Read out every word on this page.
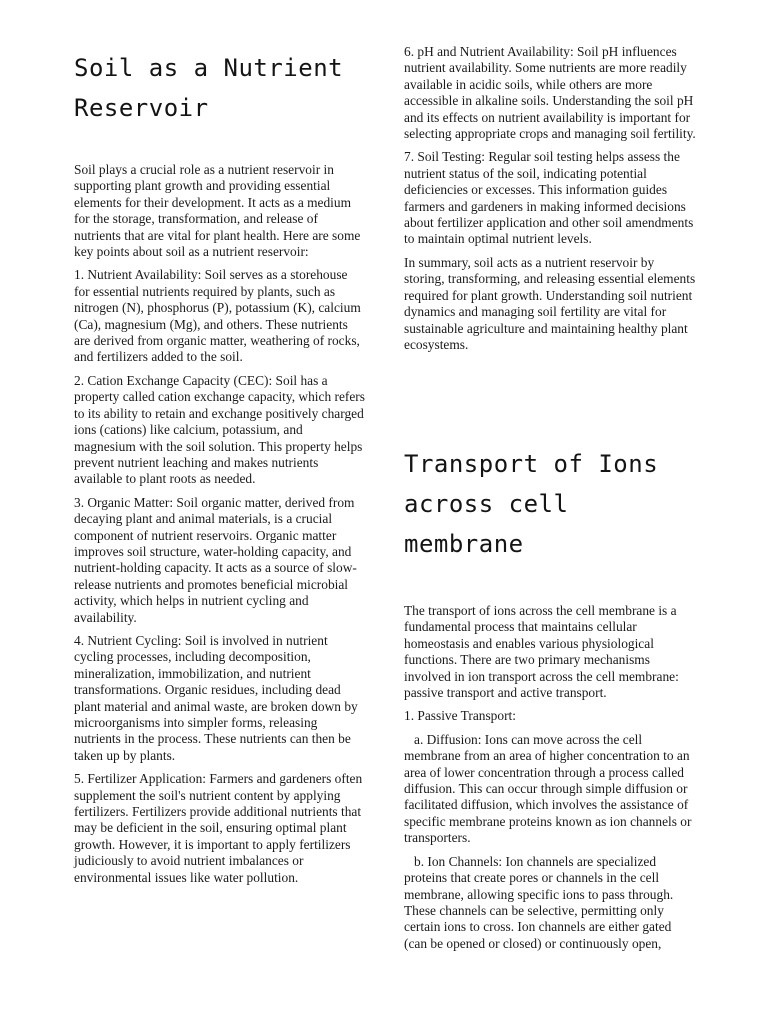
Soil as a Nutrient
Reservoir

Soil plays a crucial role as a nutrient reservoir in supporting plant growth and providing essential elements for their development. It acts as a medium for the storage, transformation, and release of nutrients that are vital for plant health. Here are some key points about soil as a nutrient reservoir:

1. Nutrient Availability: Soil serves as a storehouse for essential nutrients required by plants, such as nitrogen (N), phosphorus (P), potassium (K), calcium (Ca), magnesium (Mg), and others. These nutrients are derived from organic matter, weathering of rocks, and fertilizers added to the soil.

2. Cation Exchange Capacity (CEC): Soil has a property called cation exchange capacity, which refers to its ability to retain and exchange positively charged ions (cations) like calcium, potassium, and magnesium with the soil solution. This property helps prevent nutrient leaching and makes nutrients available to plant roots as needed.

3. Organic Matter: Soil organic matter, derived from decaying plant and animal materials, is a crucial component of nutrient reservoirs. Organic matter improves soil structure, water-holding capacity, and nutrient-holding capacity. It acts as a source of slow-release nutrients and promotes beneficial microbial activity, which helps in nutrient cycling and availability.

4. Nutrient Cycling: Soil is involved in nutrient cycling processes, including decomposition, mineralization, immobilization, and nutrient transformations. Organic residues, including dead plant material and animal waste, are broken down by microorganisms into simpler forms, releasing nutrients in the process. These nutrients can then be taken up by plants.

5. Fertilizer Application: Farmers and gardeners often supplement the soil's nutrient content by applying fertilizers. Fertilizers provide additional nutrients that may be deficient in the soil, ensuring optimal plant growth. However, it is important to apply fertilizers judiciously to avoid nutrient imbalances or environmental issues like water pollution.

6. pH and Nutrient Availability: Soil pH influences nutrient availability. Some nutrients are more readily available in acidic soils, while others are more accessible in alkaline soils. Understanding the soil pH and its effects on nutrient availability is important for selecting appropriate crops and managing soil fertility.

7. Soil Testing: Regular soil testing helps assess the nutrient status of the soil, indicating potential deficiencies or excesses. This information guides farmers and gardeners in making informed decisions about fertilizer application and other soil amendments to maintain optimal nutrient levels.

In summary, soil acts as a nutrient reservoir by storing, transforming, and releasing essential elements required for plant growth. Understanding soil nutrient dynamics and managing soil fertility are vital for sustainable agriculture and maintaining healthy plant ecosystems.

Transport of Ions
across cell
membrane

The transport of ions across the cell membrane is a fundamental process that maintains cellular homeostasis and enables various physiological functions. There are two primary mechanisms involved in ion transport across the cell membrane: passive transport and active transport.

1. Passive Transport:

a. Diffusion: Ions can move across the cell membrane from an area of higher concentration to an area of lower concentration through a process called diffusion. This can occur through simple diffusion or facilitated diffusion, which involves the assistance of specific membrane proteins known as ion channels or transporters.

b. Ion Channels: Ion channels are specialized proteins that create pores or channels in the cell membrane, allowing specific ions to pass through. These channels can be selective, permitting only certain ions to cross. Ion channels are either gated (can be opened or closed) or continuously open,
